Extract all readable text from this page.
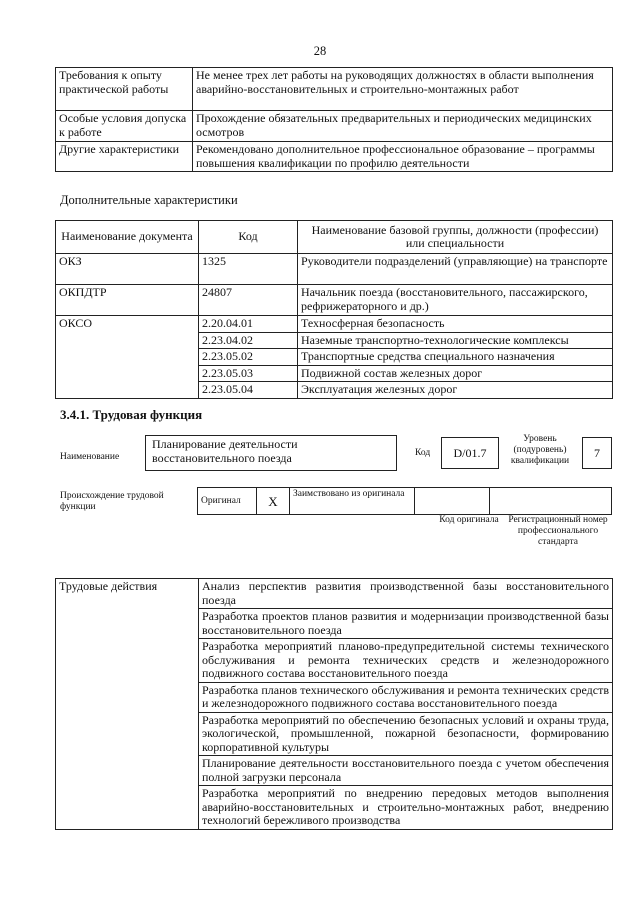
28
Требования к опыту практической работы	Не менее трех лет работы на руководящих должностях в области выполнения аварийно-восстановительных и строительно-монтажных работ
Особые условия допуска к работе	Прохождение обязательных предварительных и периодических медицинских осмотров
Другие характеристики	Рекомендовано дополнительное профессиональное образование – программы повышения квалификации по профилю деятельности
Дополнительные характеристики
Наименование документа	Код	Наименование базовой группы, должности (профессии) или специальности
ОКЗ	1325	Руководители подразделений (управляющие) на транспорте
ОКПДТР	24807	Начальник поезда (восстановительного, пассажирского, рефрижераторного и др.)
ОКСО	2.20.04.01	Техносферная безопасность
	2.23.04.02	Наземные транспортно-технологические комплексы
	2.23.05.02	Транспортные средства специального назначения
	2.23.05.03	Подвижной состав железных дорог
	2.23.05.04	Эксплуатация железных дорог
3.4.1. Трудовая функция
Наименование
Планирование деятельности восстановительного поезда	Код	D/01.7
Уровень (подуровень) квалификации
7
Происхождение трудовой функции
Оригинал	X	Заимствовано из оригинала		
Код оригинала	Регистрационный номер профессионального стандарта
Трудовые действия	Анализ перспектив развития производственной базы восстановительного поезда
Разработка проектов планов развития и модернизации производственной базы восстановительного поезда
Разработка мероприятий планово-предупредительной системы технического обслуживания и ремонта технических средств и железнодорожного подвижного состава восстановительного поезда
Разработка планов технического обслуживания и ремонта технических средств и железнодорожного подвижного состава восстановительного поезда
Разработка мероприятий по обеспечению безопасных условий и охраны труда, экологической, промышленной, пожарной безопасности, формированию корпоративной культуры
Планирование деятельности восстановительного поезда с учетом обеспечения полной загрузки персонала
Разработка мероприятий по внедрению передовых методов выполнения аварийно-восстановительных и строительно-монтажных работ, внедрению технологий бережливого производства
